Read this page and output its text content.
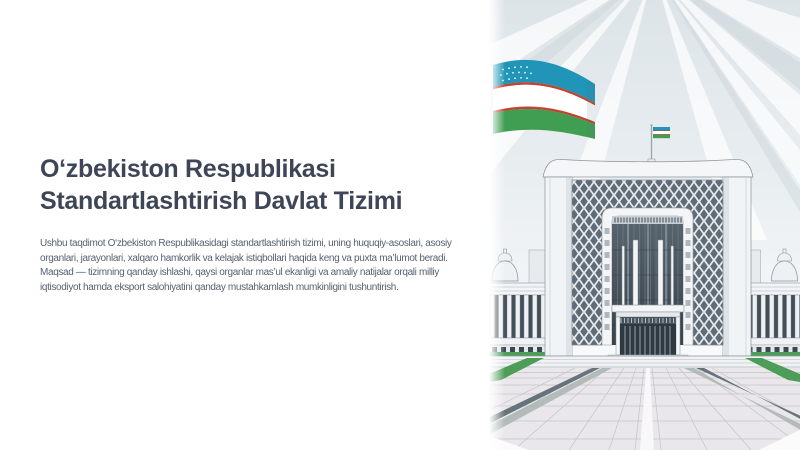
O‘zbekiston Respublikasi Standartlashtirish Davlat Tizimi

Ushbu taqdimot O‘zbekiston Respublikasidagi standartlashtirish tizimi, uning huquqiy-asoslari, asosiy organlari, jarayonlari, xalqaro hamkorlik va kelajak istiqbollari haqida keng va puxta ma’lumot beradi. Maqsad — tizimning qanday ishlashi, qaysi organlar mas’ul ekanligi va amaliy natijalar orqali milliy iqtisodiyot hamda eksport salohiyatini qanday mustahkamlash mumkinligini tushuntirish.
